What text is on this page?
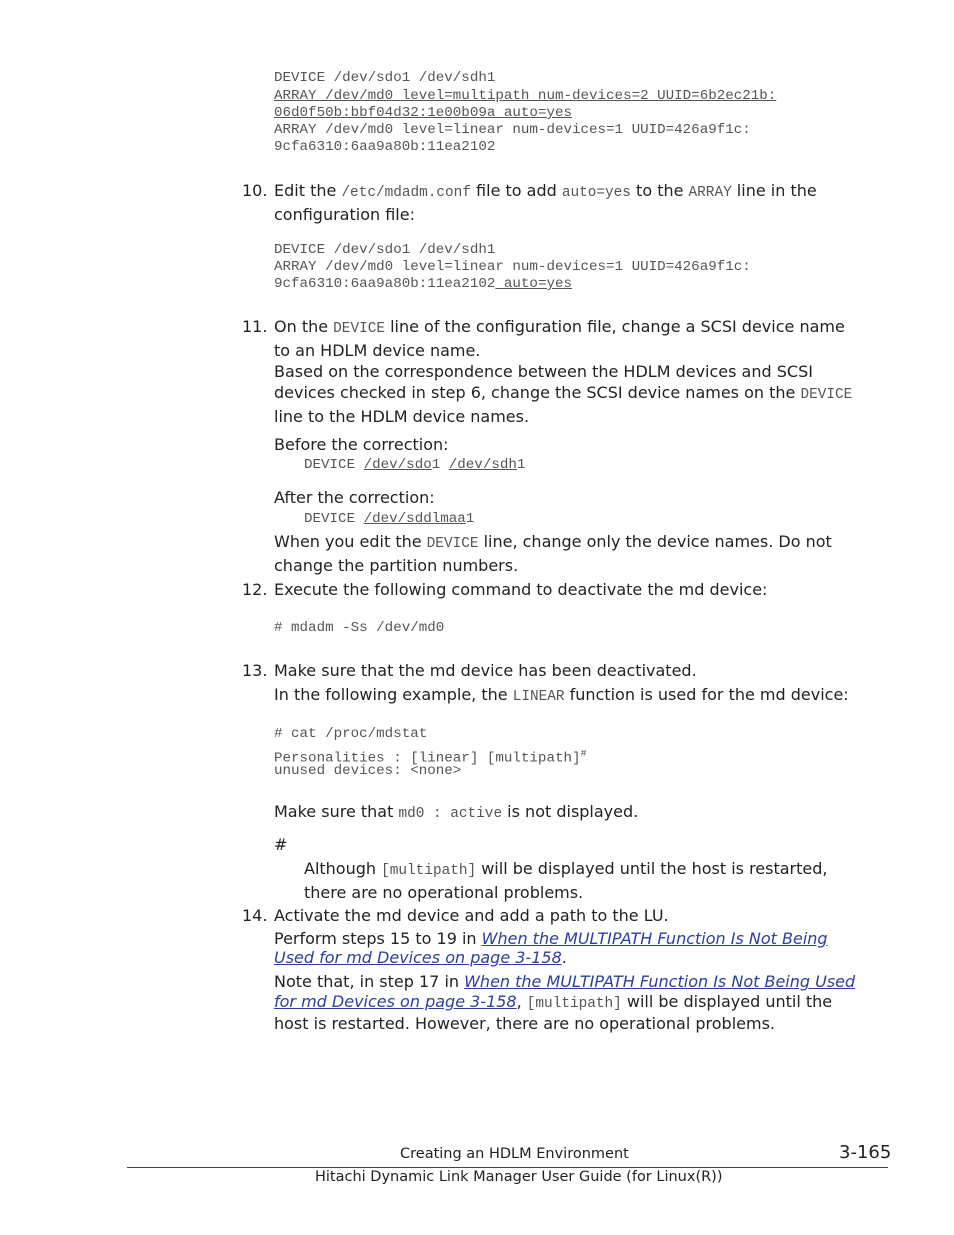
DEVICE /dev/sdo1 /dev/sdh1
ARRAY /dev/md0 level=multipath num-devices=2 UUID=6b2ec21b:
06d0f50b:bbf04d32:1e00b09a auto=yes
ARRAY /dev/md0 level=linear num-devices=1 UUID=426a9f1c:
9cfa6310:6aa9a80b:11ea2102
10. Edit the /etc/mdadm.conf file to add auto=yes to the ARRAY line in the
configuration file:
DEVICE /dev/sdo1 /dev/sdh1
ARRAY /dev/md0 level=linear num-devices=1 UUID=426a9f1c:
9cfa6310:6aa9a80b:11ea2102 auto=yes
11. On the DEVICE line of the configuration file, change a SCSI device name
to an HDLM device name.
Based on the correspondence between the HDLM devices and SCSI
devices checked in step 6, change the SCSI device names on the DEVICE
line to the HDLM device names.
Before the correction:
DEVICE /dev/sdo1 /dev/sdh1
After the correction:
DEVICE /dev/sddlmaa1
When you edit the DEVICE line, change only the device names. Do not
change the partition numbers.
12. Execute the following command to deactivate the md device:
# mdadm -Ss /dev/md0
13. Make sure that the md device has been deactivated.
In the following example, the LINEAR function is used for the md device:
# cat /proc/mdstat
Personalities : [linear] [multipath]#
unused devices: <none>
Make sure that md0 : active is not displayed.
#
Although [multipath] will be displayed until the host is restarted,
there are no operational problems.
14. Activate the md device and add a path to the LU.
Perform steps 15 to 19 in When the MULTIPATH Function Is Not Being
Used for md Devices on page 3-158.
Note that, in step 17 in When the MULTIPATH Function Is Not Being Used
for md Devices on page 3-158, [multipath] will be displayed until the
host is restarted. However, there are no operational problems.
Creating an HDLM Environment	3-165
Hitachi Dynamic Link Manager User Guide (for Linux(R))
